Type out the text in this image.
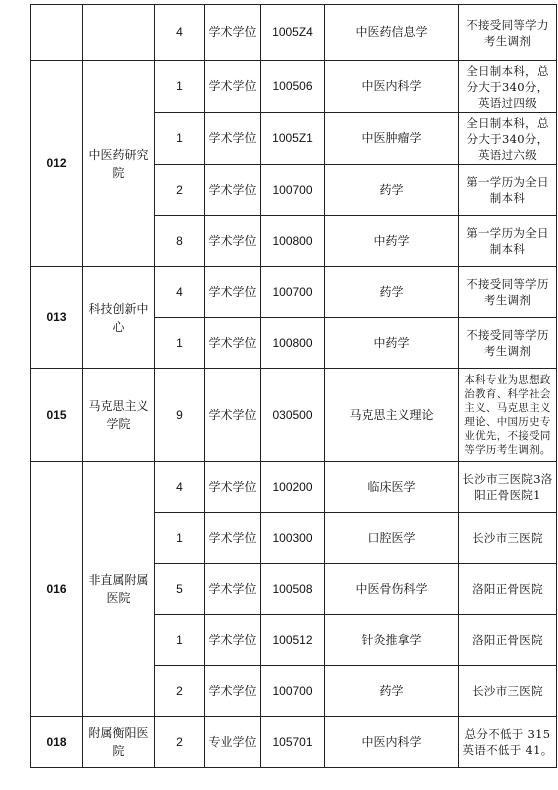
		4	学术学位	1005Z4	中医药信息学	不接受同等学力考生调剂
012	中医药研究院	1	学术学位	100506	中医内科学	全日制本科，总分大于340分，英语过四级
		1	学术学位	1005Z1	中医肿瘤学	全日制本科，总分大于340分，英语过六级
		2	学术学位	100700	药学	第一学历为全日制本科
		8	学术学位	100800	中药学	第一学历为全日制本科
013	科技创新中心	4	学术学位	100700	药学	不接受同等学历考生调剂
		1	学术学位	100800	中药学	不接受同等学历考生调剂
015	马克思主义学院	9	学术学位	030500	马克思主义理论	本科专业为思想政治教育、科学社会主义、马克思主义理论、中国历史专业优先，不接受同等学历考生调剂。
016	非直属附属医院	4	学术学位	100200	临床医学	长沙市三医院3洛阳正骨医院1
		1	学术学位	100300	口腔医学	长沙市三医院
		5	学术学位	100508	中医骨伤科学	洛阳正骨医院
		1	学术学位	100512	针灸推拿学	洛阳正骨医院
		2	学术学位	100700	药学	长沙市三医院
018	附属衡阳医院	2	专业学位	105701	中医内科学	总分不低于 315 英语不低于 41。
